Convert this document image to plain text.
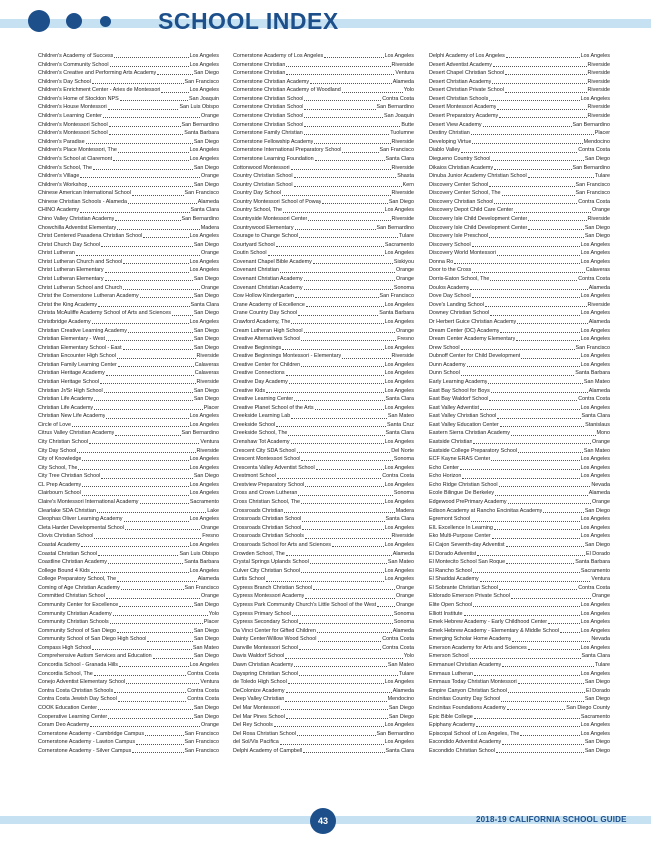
SCHOOL INDEX
Children's Academy of Success	Los Angeles
Children's Community School	Los Angeles
Children's Creative and Performing Arts Academy	San Diego
Children's Day School	San Francisco
Children's Enrichment Center - Aries de Montessori	Los Angeles
Children's Home of Stockton NPS	San Joaquin
Children's House Montessori	San Luis Obispo
Children's Learning Center	Orange
Children's Montessori School	San Bernardino
Children's Montessori School	Santa Barbara
Children's Paradise	San Diego
Children's Place Montessori, The	Los Angeles
Children's School at Claremont	Los Angeles
Children's School, The	San Diego
Children's Village	Orange
Children's Workshop	San Diego
Chinese American International School	San Francisco
Chinese Christian Schools - Alameda	Alameda
CHINO Academy	Santa Clara
Chino Valley Christian Academy	San Bernardino
Chowchilla Adventist Elementary	Madera
Christ Centered Pasadena Christian School	Los Angeles
Christ Church Day School	San Diego
Christ Lutheran	Orange
Christ Lutheran Church and School	Los Angeles
Christ Lutheran Elementary	Los Angeles
Christ Lutheran Elementary	San Diego
Christ Lutheran School and Church	Orange
Christ the Cornerstone Lutheran Academy	San Diego
Christ the King Academy	Santa Clara
Christa McAuliffe Academy School of Arts and Sciences	San Diego
Christbridge Academy	Los Angeles
Christian Creative Learning Academy	San Diego
Christian Elementary - West	San Diego
Christian Elementary School - East	San Diego
Christian Encounter High School	Riverside
Christian Family Learning Center	Calaveras
Christian Heritage Academy	Calaveras
Christian Heritage School	Riverside
Christian Jr/Sr High School	San Diego
Christian Life Academy	San Diego
Christian Life Academy	Placer
Christian New Life Academy	Los Angeles
Circle of Love	Los Angeles
Citrus Valley Christian Academy	San Bernardino
City Christian School	Ventura
City Day School	Riverside
City of Knowledge	Los Angeles
City School, The	Los Angeles
City Tree Christian School	San Diego
CL Prep Academy	Los Angeles
Clairbourn School	Los Angeles
Claire's Montessori International Academy	Sacramento
Clearlake SDA Christian	Lake
Cleophas Oliver Learning Academy	Los Angeles
Cleta Harder Developmental School	Orange
Clovis Christian School	Fresno
Coastal Academy	Los Angeles
Coastal Christian School	San Luis Obispo
Coastline Christian Academy	Santa Barbara
College Bound 4 Kids	Los Angeles
College Preparatory School, The	Alameda
Coming of Age Christian Academy	San Francisco
Committed Christian School	Orange
Community Center for Excellence	San Diego
Community Christian Academy	Yolo
Community Christian Schools	Placer
Community School of San Diego	San Diego
Community School of San Diego High School	San Diego
Compass High School	San Mateo
Comprehensive Autism Services and Education	San Diego
Concordia School - Granada Hills	Los Angeles
Concordia School, The	Contra Costa
Conejo Adventist Elementary School	Ventura
Contra Costa Christian Schools	Contra Costa
Contra Costa Jewish Day School	Contra Costa
COOK Education Center	San Diego
Cooperative Learning Center	San Diego
Coram Deo Academy	Orange
Cornerstone Academy - Cambridge Campus	San Francisco
Cornerstone Academy - Lawton Campus	San Francisco
Cornerstone Academy - Silver Campus	San Francisco
Cornerstone Academy of Los Angeles	Los Angeles
Cornerstone Christian	Riverside
Cornerstone Christian	Ventura
Cornerstone Christian Academy	Alameda
Cornerstone Christian Academy of Woodland	Yolo
Cornerstone Christian School	Contra Costa
Cornerstone Christian School	San Bernardino
Cornerstone Christian School	San Joaquin
Cornerstone Christian School	Butte
Cornerstone Family Christian	Tuolumne
Cornerstone Fellowship Academy	Riverside
Cornerstone International Preparatory School	San Francisco
Cornerstone Learning Foundation	Santa Clara
Cottonwood Montessori	Riverside
Country Christian School	Shasta
Country Christian School	Kern
Country Day School	Riverside
Country Montessori School of Poway	San Diego
Country School, The	Los Angeles
Countryside Montessori Center	Riverside
Countrywood Elementary	San Bernardino
Courage to Change School	Tulare
Courtyard School	Sacramento
Coutin School	Los Angeles
Covenant Chapel Bible Academy	Siskiyou
Covenant Christian	Orange
Covenant Christian Academy	Orange
Covenant Christian Academy	Sonoma
Cow Hollow Kindergarten	San Francisco
Crane Academy of Excellence	Los Angeles
Crane Country Day School	Santa Barbara
Crawford Academy, The	Los Angeles
Cream Lutheran High School	Orange
Creative Alternatives School	Fresno
Creative Beginnings	Los Angeles
Creative Beginnings Montessori - Elementary	Riverside
Creative Center for Children	Los Angeles
Creative Connections	Los Angeles
Creative Day Academy	Los Angeles
Creative Kids	Los Angeles
Creative Learning Center	Santa Clara
Creative Planet School of the Arts	Los Angeles
Creekside Learning Lab	San Mateo
Creekside School	Santa Cruz
Creekside School, The	Santa Clara
Crenshaw Tot Academy	Los Angeles
Crescent City SDA School	Del Norte
Crescent Montessori School	Sonoma
Crescenta Valley Adventist School	Los Angeles
Crestmont School	Contra Costa
Crestview Preparatory School	Los Angeles
Cross and Crown Lutheran	Sonoma
Cross Christian School, The	Los Angeles
Crossroads Christian	Madera
Crossroads Christian School	Santa Clara
Crossroads Christian School	Los Angeles
Crossroads Christian Schools	Riverside
Crossroads School for Arts and Sciences	Los Angeles
Crowden School, The	Alameda
Crystal Springs Uplands School	San Mateo
Culver City Christian School	Los Angeles
Curtis School	Los Angeles
Cypress Branch Christian School	Orange
Cypress Montessori Academy	Orange
Cypress Park Community Church's Little School of the West	Orange
Cypress Primary School	Sonoma
Cypress Secondary School	Sonoma
Da Vinci Center for Gifted Children	Alameda
Dainty Center/Willow Wood School	Contra Costa
Danville Montessori School	Contra Costa
Davis Waldorf School	Yolo
Dawn Christian Academy	San Mateo
Dayspring Christian School	Tulare
de Toledo High School	Los Angeles
DeColonize Academy	Alameda
Deep Valley Christian	Mendocino
Del Mar Montessori	San Diego
Del Mar Pines School	San Diego
Del Rey Schools	Los Angeles
Del Rosa Christian School	San Bernardino
del Sol/Vis Pacifica	Los Angeles
Delphi Academy of Campbell	Santa Clara
Delphi Academy of Los Angeles	Los Angeles
Desert Adventist Academy	Riverside
Desert Chapel Christian School	Riverside
Desert Christian Academy	Riverside
Desert Christian Private School	Riverside
Desert Christian Schools	Los Angeles
Desert Montessori Academy	Riverside
Desert Preparatory Academy	Riverside
Desert View Academy	San Bernardino
Destiny Christian	Placer
Developing Virtue	Mendocino
Diablo Valley	Contra Costa
Dieguenо Country School	San Diego
Dikaios Christian Academy	San Bernardino
Dinuba Junior Academy Christian School	Tulare
Discovery Center School	San Francisco
Discovery Center School, The	San Francisco
Discovery Christian School	Contra Costa
Discovery Depot Child Care Center	Orange
Discovery Isle Child Development Center	Riverside
Discovery Isle Child Development Center	San Diego
Discovery Isle Preschool	San Diego
Discovery School	Los Angeles
Discovery World Montessori	Los Angeles
Donna Ro	Los Angeles
Door to the Cross	Calaveras
Dorris-Eaton School, The	Contra Costa
Doulos Academy	Alameda
Dove Day School	Los Angeles
Dove's Landing School	Riverside
Downey Christian School	Los Angeles
Dr Herbert Guice Christian Academy	Alameda
Dream Center (DC) Academy	Los Angeles
Dream Center Academy Elementary	Los Angeles
Drew School	San Francisco
Dubnoff Center for Child Development	Los Angeles
Dunn Academy	Los Angeles
Dunn School	Santa Barbara
Early Learning Academy	San Mateo
East Bay School for Boys	Alameda
East Bay Waldorf School	Contra Costa
East Valley Adventist	Los Angeles
East Valley Christian School	Santa Clara
East Valley Education Center	Stanislaus
Eastern Sierra Christian Academy	Mono
Eastside Christian	Orange
Eastside College Preparatory School	San Mateo
ECF Kayne ERAS Center	Los Angeles
Echo Center	Los Angeles
Echo Horizon	Los Angeles
Echo Ridge Christian School	Nevada
Ecole Bilingue De Berkeley	Alameda
Edgewood PrePrimary Academy	Orange
Edison Academy at Rancho Encinitas Academy	San Diego
Egremont School	Los Angeles
EIL Excellence In Learning	Los Angeles
Eko Multi-Purpose Center	Los Angeles
El Cajon Seventh-day Adventist	San Diego
El Dorado Adventist	El Dorado
El Montecito School San Roque	Santa Barbara
El Rancho School	Sacramento
El Shaddai Academy	Ventura
El Sobrante Christian School	Contra Costa
Eldorado Emerson Private School	Orange
Elite Open School	Los Angeles
Elliott Institute	Los Angeles
Emek Hebrew Academy - Early Childhood Center	Los Angeles
Emek Hebrew Academy - Elementary & Middle School	Los Angeles
Emerging Scholar Home Academy	Nevada
Emerson Academy for Arts and Sciences	Los Angeles
Emerson School	Santa Clara
Emmanuel Christian Academy	Tulare
Emmaus Lutheran	Los Angeles
Emmaus Today Christian Montessori	San Diego
Empire Canyon Christian School	El Dorado
Encinitas Country Day School	San Diego
Encinitas Foundations Academy	San Diego County
Epic Bible College	Sacramento
Epiphany Academy	Los Angeles
Episcopal School of Los Angeles, The	Los Angeles
Escondido Adventist Academy	San Diego
Escondido Christian School	San Diego
43	2018-19 CALIFORNIA SCHOOL GUIDE
